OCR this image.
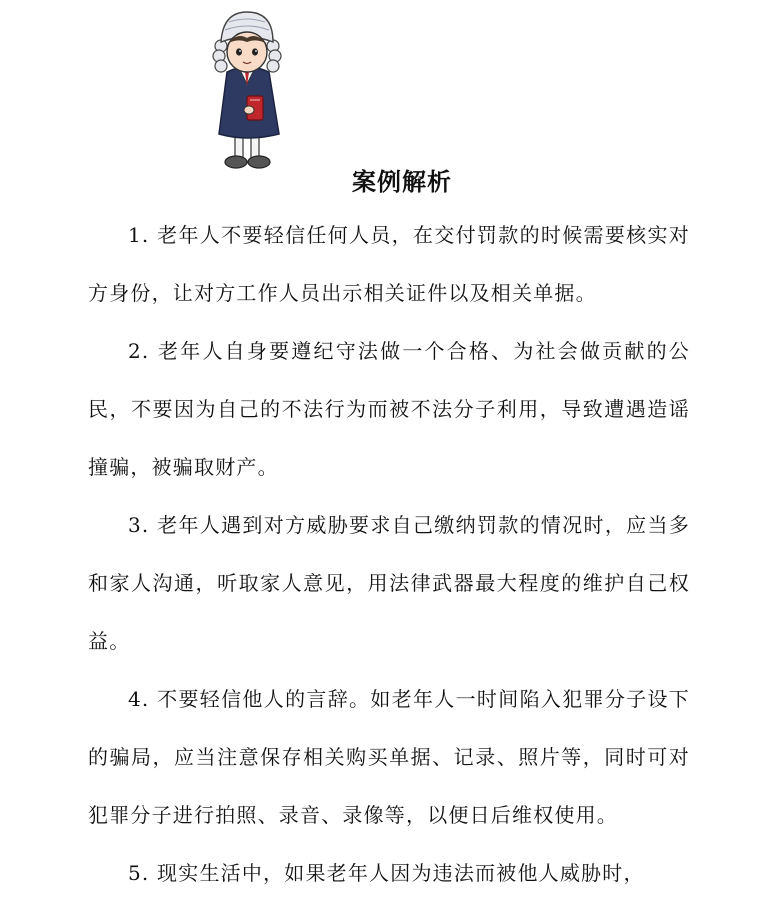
案例解析

1. 老年人不要轻信任何人员，在交付罚款的时候需要核实对方身份，让对方工作人员出示相关证件以及相关单据。

2. 老年人自身要遵纪守法做一个合格、为社会做贡献的公民，不要因为自己的不法行为而被不法分子利用，导致遭遇造谣撞骗，被骗取财产。

3. 老年人遇到对方威胁要求自己缴纳罚款的情况时，应当多和家人沟通，听取家人意见，用法律武器最大程度的维护自己权益。

4. 不要轻信他人的言辞。如老年人一时间陷入犯罪分子设下的骗局，应当注意保存相关购买单据、记录、照片等，同时可对犯罪分子进行拍照、录音、录像等，以便日后维权使用。

5. 现实生活中，如果老年人因为违法而被他人威胁时，
